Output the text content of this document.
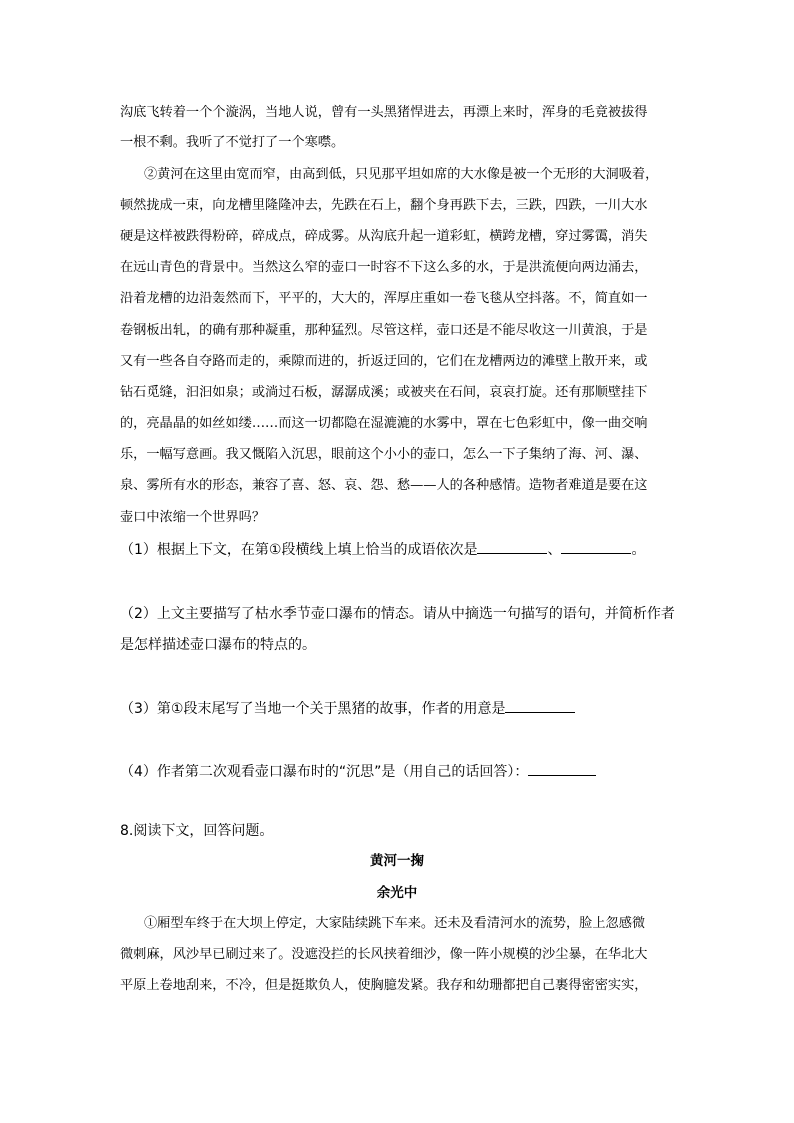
沟底飞转着一个个漩涡，当地人说，曾有一头黑猪悍进去，再漂上来时，浑身的毛竟被拔得
一根不剩。我听了不觉打了一个寒噤。
②黄河在这里由宽而窄，由高到低，只见那平坦如席的大水像是被一个无形的大洞吸着，
顿然拢成一束，向龙槽里隆隆冲去，先跌在石上，翻个身再跌下去，三跌，四跌，一川大水
硬是这样被跌得粉碎，碎成点，碎成雾。从沟底升起一道彩虹，横跨龙槽，穿过雾霭，消失
在远山青色的背景中。当然这么窄的壶口一时容不下这么多的水，于是洪流便向两边涌去，
沿着龙槽的边沿轰然而下，平平的，大大的，浑厚庄重如一卷飞毯从空抖落。不，简直如一
卷钢板出轧，的确有那种凝重，那种猛烈。尽管这样，壶口还是不能尽收这一川黄浪，于是
又有一些各自夺路而走的，乘隙而进的，折返迂回的，它们在龙槽两边的滩壁上散开来，或
钻石觅缝，汩汩如泉；或淌过石板，潺潺成溪；或被夹在石间，哀哀打旋。还有那顺壁挂下
的，亮晶晶的如丝如缕……而这一切都隐在湿漉漉的水雾中，罩在七色彩虹中，像一曲交响
乐，一幅写意画。我又慨陷入沉思，眼前这个小小的壶口，怎么一下子集纳了海、河、瀑、
泉、雾所有水的形态，兼容了喜、怒、哀、怨、愁——人的各种感情。造物者难道是要在这
壶口中浓缩一个世界吗？
（1）根据上下文，在第①段横线上填上恰当的成语依次是	、	。
（2）上文主要描写了枯水季节壶口瀑布的情态。请从中摘选一句描写的语句，并简析作者
是怎样描述壶口瀑布的特点的。
（3）第①段末尾写了当地一个关于黑猪的故事，作者的用意是
（4）作者第二次观看壶口瀑布时的“沉思”是（用自己的话回答）：
8.阅读下文，回答问题。
黄河一掬
余光中
①厢型车终于在大坝上停定，大家陆续跳下车来。还未及看清河水的流势，脸上忽感微
微刺麻，风沙早已刷过来了。没遮没拦的长风挟着细沙，像一阵小规模的沙尘暴，在华北大
平原上卷地刮来，不冷，但是挺欺负人，使胸臆发紧。我存和幼珊都把自己裹得密密实实，
